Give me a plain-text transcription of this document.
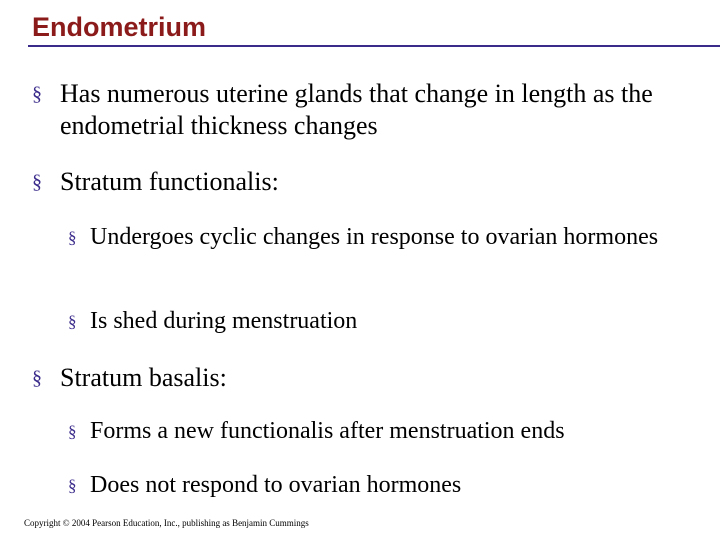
Endometrium
§ Has numerous uterine glands that change in length as the endometrial thickness changes
§ Stratum functionalis:
§ Undergoes cyclic changes in response to ovarian hormones
§ Is shed during menstruation
§ Stratum basalis:
§ Forms a new functionalis after menstruation ends
§ Does not respond to ovarian hormones
Copyright © 2004 Pearson Education, Inc., publishing as Benjamin Cummings
